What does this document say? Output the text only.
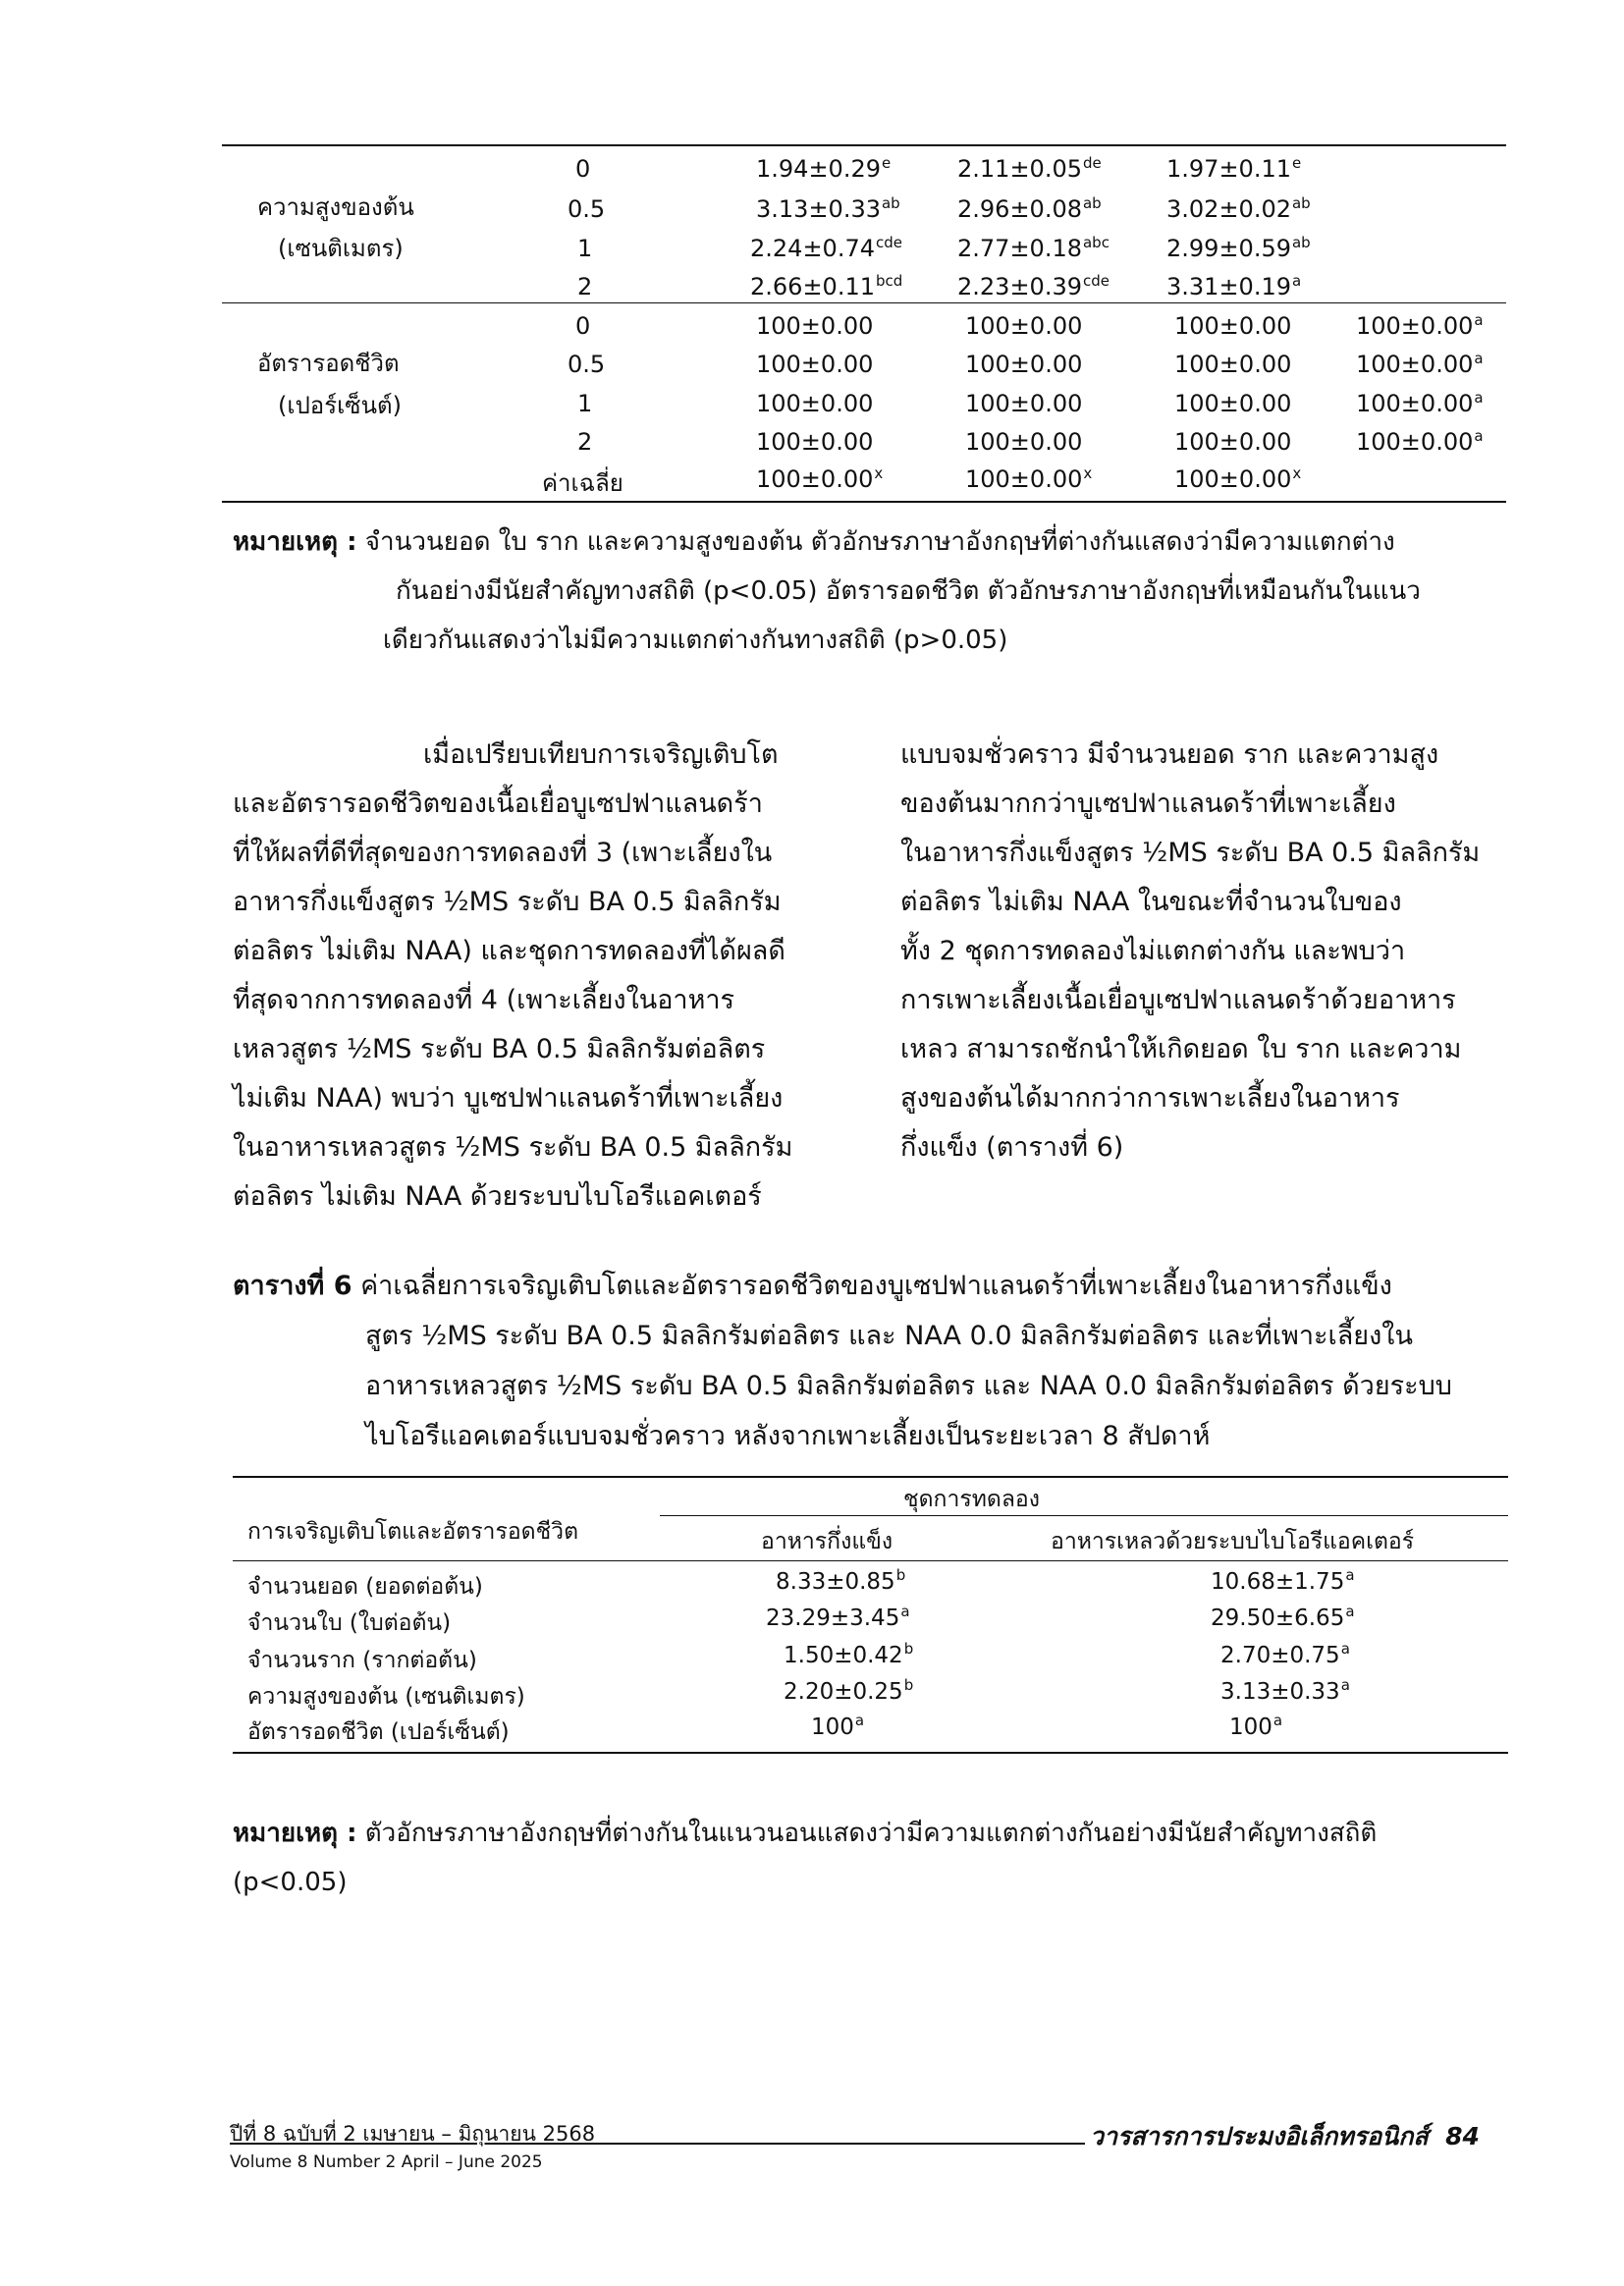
ความสูงของต้น
(เซนติเมตร)
0	1.94±0.29$^e$	2.11±0.05de	1.97±0.11$^e$
0.5	3.13±0.33$^{ab}$ 2.96±0.08$^{ab}$	3.02±0.02$^{ab}$
1	2.24±0.74$^{cde}$ 2.77±0.18$^{abc}$ 2.99±0.59$^{ab}$
2	2.66±0.11$^{bcd}$ 2.23±0.39$^{cde}$ 3.31±0.19$^a$
อัตรารอดชีวิต
(เปอร์เซ็นต์)
0	100±0.00	100±0.00	100±0.00	100±0.00$^a$
0.5	100±0.00	100±0.00	100±0.00	100±0.00$^a$
1	100±0.00	100±0.00	100±0.00	100±0.00$^a$
2	100±0.00	100±0.00	100±0.00	100±0.00$^a$
ค่าเฉลี่ย	$100\pm 0.00^x$	$100\pm 0.00^x$	$100\pm 0.00^x$
หมายเหตุ : จำนวนยอด ใบ ราก และความสูงของต้น ตัวอักษรภาษาอังกฤษที่ต่างกันแสดงว่ามีความแตกต่าง
กันอย่างมีนัยสำคัญทางสถิติ (p<0.05) อัตรารอดชีวิต ตัวอักษรภาษาอังกฤษที่เหมือนกันในแนว
เดียวกันแสดงว่าไม่มีความแตกต่างกันทางสถิติ (p>0.05)
เมื่อเปรียบเทียบการเจริญเติบโต
และอัตรารอดชีวิตของเนื้อเยื่อบูเซปฟาแลนดร้า
ที่ให้ผลที่ดีที่สุดของการทดลองที่ 3 (เพาะเลี้ยงใน
อาหารกึ่งแข็งสูตร ½MS ระดับ BA 0.5 มิลลิกรัม
ต่อลิตร ไม่เติม NAA) และชุดการทดลองที่ได้ผลดี
ที่สุดจากการทดลองที่ 4 (เพาะเลี้ยงในอาหาร
เหลวสูตร ½MS ระดับ BA 0.5 มิลลิกรัมต่อลิตร
ไม่เติม NAA) พบว่า บูเซปฟาแลนดร้าที่เพาะเลี้ยง
ในอาหารเหลวสูตร ½MS ระดับ BA 0.5 มิลลิกรัม
ต่อลิตร ไม่เติม NAA ด้วยระบบไบโอรีแอคเตอร์
แบบจมชั่วคราว มีจำนวนยอด ราก และความสูง
ของต้นมากกว่าบูเซปฟาแลนดร้าที่เพาะเลี้ยง
ในอาหารกึ่งแข็งสูตร ½MS ระดับ BA 0.5 มิลลิกรัม
ต่อลิตร ไม่เติม NAA ในขณะที่จำนวนใบของ
ทั้ง 2 ชุดการทดลองไม่แตกต่างกัน และพบว่า
การเพาะเลี้ยงเนื้อเยื่อบูเซปฟาแลนดร้าด้วยอาหาร
เหลว สามารถชักนำให้เกิดยอด ใบ ราก และความ
สูงของต้นได้มากกว่าการเพาะเลี้ยงในอาหาร
กึ่งแข็ง (ตารางที่ 6)
ตารางที่ 6 ค่าเฉลี่ยการเจริญเติบโตและอัตรารอดชีวิตของบูเซปฟาแลนดร้าที่เพาะเลี้ยงในอาหารกึ่งแข็ง
สูตร ½MS ระดับ BA 0.5 มิลลิกรัมต่อลิตร และ NAA 0.0 มิลลิกรัมต่อลิตร และที่เพาะเลี้ยงใน
อาหารเหลวสูตร ½MS ระดับ BA 0.5 มิลลิกรัมต่อลิตร และ NAA 0.0 มิลลิกรัมต่อลิตร ด้วยระบบ
ไบโอรีแอคเตอร์แบบจมชั่วคราว หลังจากเพาะเลี้ยงเป็นระยะเวลา 8 สัปดาห์
การเจริญเติบโตและอัตรารอดชีวิต
ชุดการทดลอง
อาหารกึ่งแข็ง	อาหารเหลวด้วยระบบไบโอรีแอคเตอร์
จำนวนยอด (ยอดต่อต้น)	8.33±0.85$^b$	10.68±1.75$^a$
จำนวนใบ (ใบต่อต้น)	23.29±3.45$^a$	29.50±6.65$^a$
จำนวนราก (รากต่อต้น)	1.50±0.42$^b$	2.70±0.75$^a$
ความสูงของต้น (เซนติเมตร)	2.20±0.25$^b$	3.13±0.33$^a$
อัตรารอดชีวิต (เปอร์เซ็นต์)	100$^a$	100$^a$
หมายเหตุ : ตัวอักษรภาษาอังกฤษที่ต่างกันในแนวนอนแสดงว่ามีความแตกต่างกันอย่างมีนัยสำคัญทางสถิติ
(p<0.05)
ปีที่ 8 ฉบับที่ 2 เมษายน – มิถุนายน 2568	วารสารการประมงอิเล็กทรอนิกส์ 84
Volume 8 Number 2 April – June 2025
